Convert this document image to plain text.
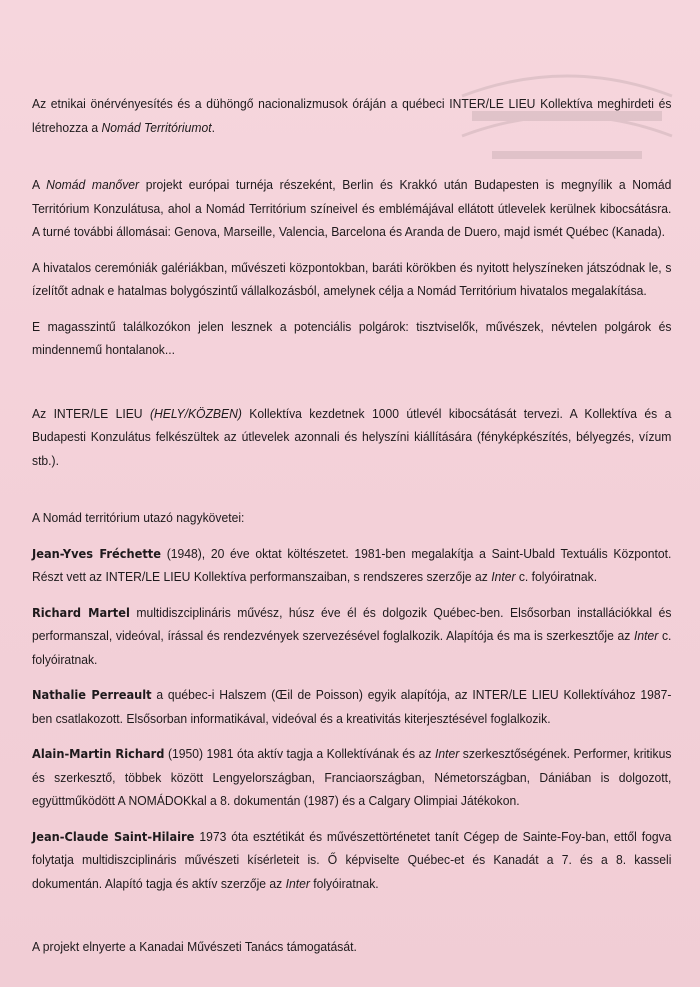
Az etnikai önérvényesítés és a dühöngő nacionalizmusok óráján a québeci INTER/LE LIEU Kollektíva meghirdeti és létrehozza a Nomád Territóriumot.

A Nomád manőver projekt európai turnéja részeként, Berlin és Krakkó után Budapesten is megnyílik a Nomád Territórium Konzulátusa, ahol a Nomád Territórium színeivel és emblémájával ellátott útlevelek kerülnek kibocsátásra. A turné további állomásai: Genova, Marseille, Valencia, Barcelona és Aranda de Duero, majd ismét Québec (Kanada).

A hivatalos ceremóniák galériákban, művészeti központokban, baráti körökben és nyitott helyszíneken játszódnak le, s ízelítőt adnak e hatalmas bolygószintű vállalkozásból, amelynek célja a Nomád Territórium hivatalos megalakítása.

E magasszintű találkozókon jelen lesznek a potenciális polgárok: tisztviselők, művészek, névtelen polgárok és mindennemű hontalanok...

Az INTER/LE LIEU (HELY/KÖZBEN) Kollektíva kezdetnek 1000 útlevél kibocsátását tervezi. A Kollektíva és a Budapesti Konzulátus felkészültek az útlevelek azonnali és helyszíni kiállítására (fényképkészítés, bélyegzés, vízum stb.).

A Nomád territórium utazó nagykövetei:

Jean-Yves Fréchette (1948), 20 éve oktat költészetet. 1981-ben megalakítja a Saint-Ubald Textuális Központot. Részt vett az INTER/LE LIEU Kollektíva performanszaiban, s rendszeres szerzője az Inter c. folyóiratnak.

Richard Martel multidiszciplináris művész, húsz éve él és dolgozik Québec-ben. Elsősorban installációkkal és performanszal, videóval, írással és rendezvények szervezésével foglalkozik. Alapítója és ma is szerkesztője az Inter c. folyóiratnak.

Nathalie Perreault a québec-i Halszem (Œil de Poisson) egyik alapítója, az INTER/LE LIEU Kollektívához 1987-ben csatlakozott. Elsősorban informatikával, videóval és a kreativitás kiterjesztésével foglalkozik.

Alain-Martin Richard (1950) 1981 óta aktív tagja a Kollektívának és az Inter szerkesztőségének. Performer, kritikus és szerkesztő, többek között Lengyelországban, Franciaországban, Németországban, Dániában is dolgozott, együttműködött A NOMÁDOKkal a 8. dokumentán (1987) és a Calgary Olimpiai Játékokon.

Jean-Claude Saint-Hilaire 1973 óta esztétikát és művészettörténetet tanít Cégep de Sainte-Foy-ban, ettől fogva folytatja multidiszciplináris művészeti kísérleteit is. Ő képviselte Québec-et és Kanadát a 7. és a 8. kasseli dokumentán. Alapító tagja és aktív szerzője az Inter folyóiratnak.

A projekt elnyerte a Kanadai Művészeti Tanács támogatását.
